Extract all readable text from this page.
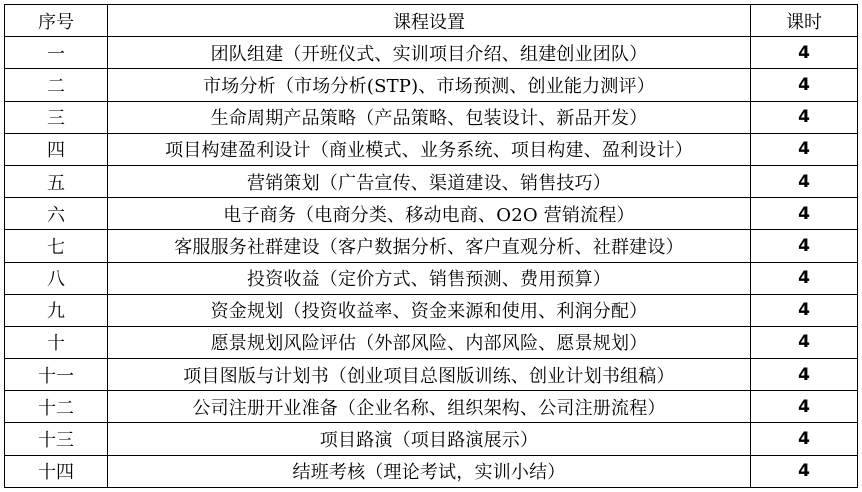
序号	课程设置	课时
一	团队组建（开班仪式、实训项目介绍、组建创业团队）	4
二	市场分析（市场分析(STP)、市场预测、创业能力测评）	4
三	生命周期产品策略（产品策略、包装设计、新品开发）	4
四	项目构建盈利设计（商业模式、业务系统、项目构建、盈利设计）	4
五	营销策划（广告宣传、渠道建设、销售技巧）	4
六	电子商务（电商分类、移动电商、O2O 营销流程）	4
七	客服服务社群建设（客户数据分析、客户直观分析、社群建设）	4
八	投资收益（定价方式、销售预测、费用预算）	4
九	资金规划（投资收益率、资金来源和使用、利润分配）	4
十	愿景规划风险评估（外部风险、内部风险、愿景规划）	4
十一	项目图版与计划书（创业项目总图版训练、创业计划书组稿）	4
十二	公司注册开业准备（企业名称、组织架构、公司注册流程）	4
十三	项目路演（项目路演展示）	4
十四	结班考核（理论考试，实训小结）	4
